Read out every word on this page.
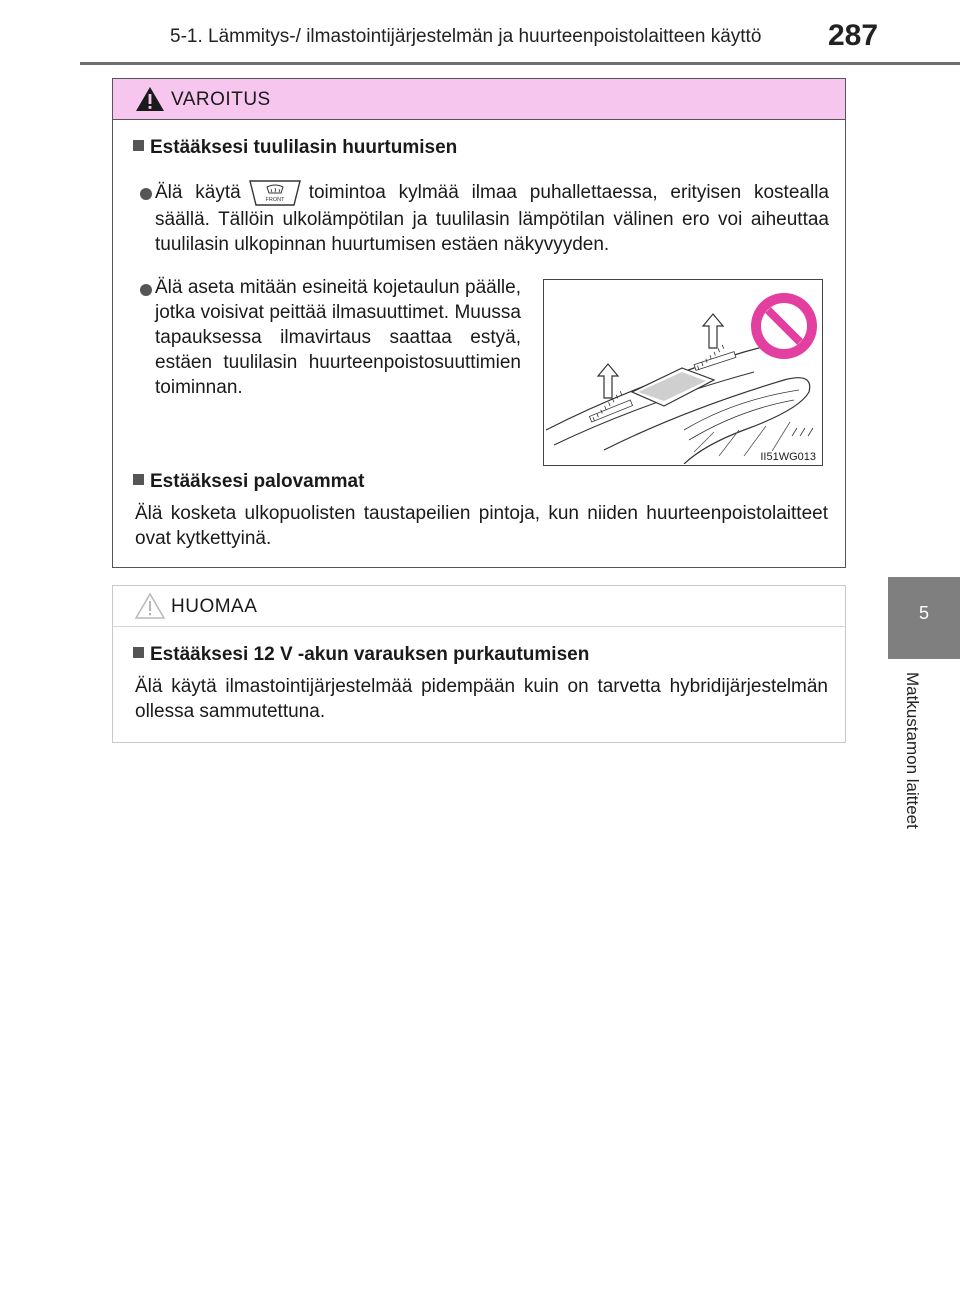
5-1. Lämmitys-/ ilmastointijärjestelmän ja huurteenpoistolaitteen käyttö 287
5
Matkustamon laitteet
VAROITUS
Estääksesi tuulilasin huurtumisen
Älä käytä	FRONT toimintoa kylmää ilmaa puhallettaessa, erityisen kostealla säällä. Tällöin ulkolämpötilan ja tuulilasin lämpötilan välinen ero voi aiheuttaa tuulilasin ulkopinnan huurtumisen estäen näkyvyyden.
Älä aseta mitään esineitä kojetaulun päälle, jotka voisivat peittää ilmasuuttimet. Muussa tapauksessa ilmavirtaus saattaa estyä, estäen tuulilasin huurteenpoistosuuttimien toiminnan.
II51WG013
Estääksesi palovammat
Älä kosketa ulkopuolisten taustapeilien pintoja, kun niiden huurteenpoistolaitteet ovat kytkettyinä.
HUOMAA
Estääksesi 12 V -akun varauksen purkautumisen
Älä käytä ilmastointijärjestelmää pidempään kuin on tarvetta hybridijärjestelmän ollessa sammutettuna.
